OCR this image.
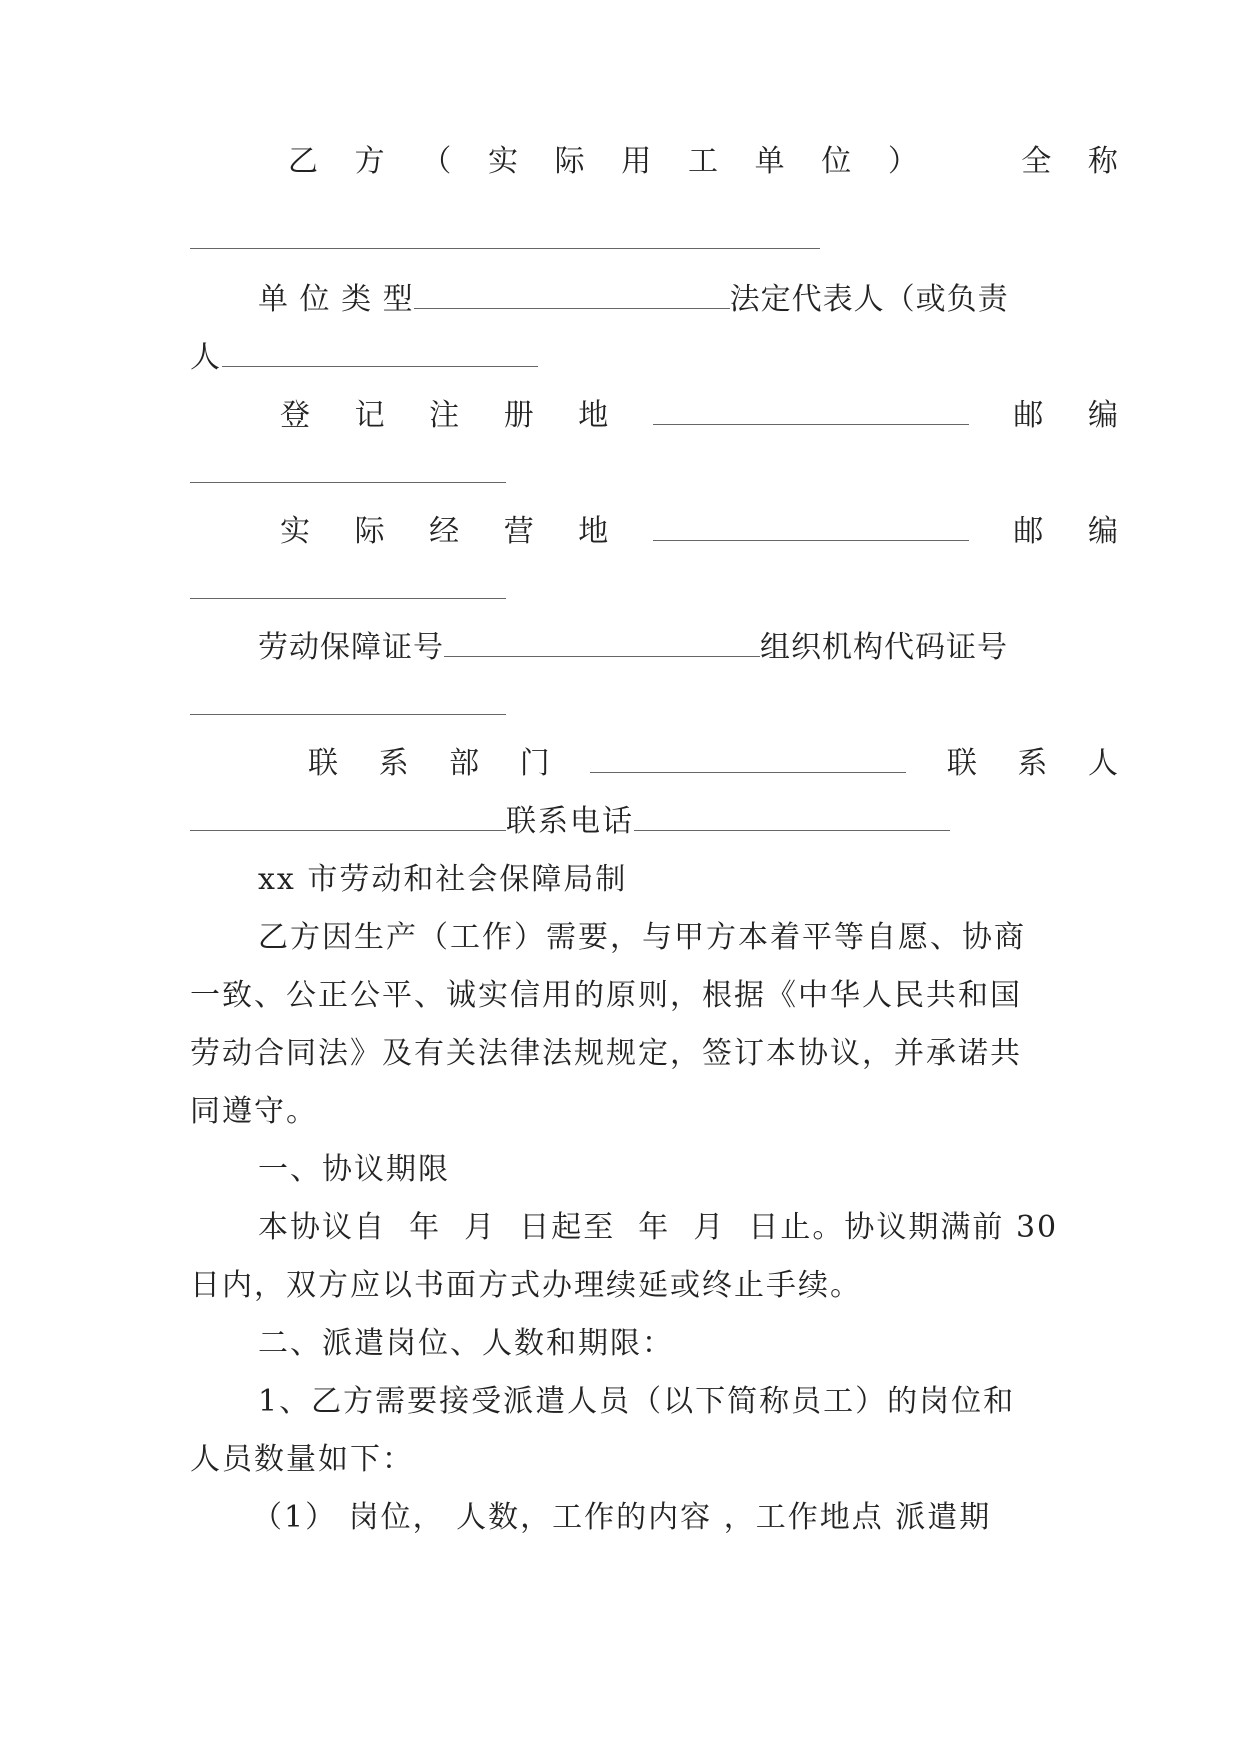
乙 方 （ 实 际 用 工 单 位 ）	全 称
单 位 类 型	法定代表人（或负责
人
登 记 注 册 地	邮 编
实 际 经 营 地	邮 编
劳动保障证号	组织机构代码证号
联 系 部 门	联 系 人
联系电话
xx 市劳动和社会保障局制
乙方因生产（工作）需要，与甲方本着平等自愿、协商
一致、公正公平、诚实信用的原则，根据《中华人民共和国
劳动合同法》及有关法律法规规定，签订本协议，并承诺共
同遵守。
一、协议期限
本协议自  年  月  日起至  年  月  日止。协议期满前 30
日内，双方应以书面方式办理续延或终止手续。
二、派遣岗位、人数和期限：
1、乙方需要接受派遣人员（以下简称员工）的岗位和
人员数量如下：
（1） 岗位， 人数，工作的内容 ，工作地点 派遣期
